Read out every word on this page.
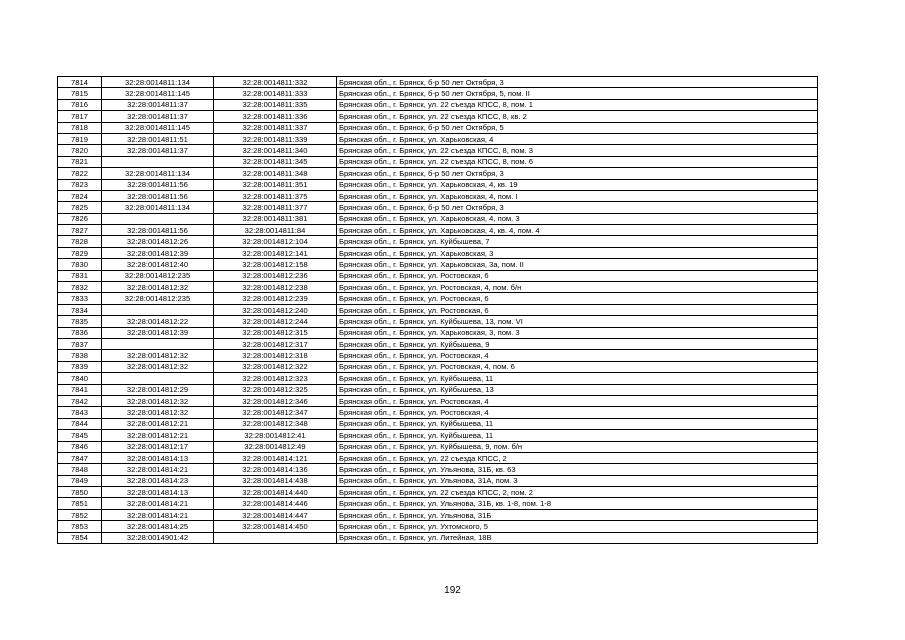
7814	32:28:0014811:134	32:28:0014811:332	Брянская обл., г. Брянск, б-р 50 лет Октября, 3
7815	32:28:0014811:145	32:28:0014811:333	Брянская обл., г. Брянск, б-р 50 лет Октября, 5, пом. II
7816	32:28:0014811:37	32:28:0014811:335	Брянская обл., г. Брянск, ул. 22 съезда КПСС, 8, пом. 1
7817	32:28:0014811:37	32:28:0014811:336	Брянская обл., г. Брянск, ул. 22 съезда КПСС, 8, кв. 2
7818	32:28:0014811:145	32:28:0014811:337	Брянская обл., г. Брянск, б-р 50 лет Октября, 5
7819	32:28:0014811:51	32:28:0014811:339	Брянская обл., г. Брянск, ул. Харьковская, 4
7820	32:28:0014811:37	32:28:0014811:340	Брянская обл., г. Брянск, ул. 22 съезда КПСС, 8, пом. 3
7821		32:28:0014811:345	Брянская обл., г. Брянск, ул. 22 съезда КПСС, 8, пом. 6
7822	32:28:0014811:134	32:28:0014811:348	Брянская обл., г. Брянск, б-р 50 лет Октября, 3
7823	32:28:0014811:56	32:28:0014811:351	Брянская обл., г. Брянск, ул. Харьковская, 4, кв. 19
7824	32:28:0014811:56	32:28:0014811:375	Брянская обл., г. Брянск, ул. Харьковская, 4, пом. I
7825	32:28:0014811:134	32:28:0014811:377	Брянская обл., г. Брянск, б-р 50 лет Октября, 3
7826		32:28:0014811:381	Брянская обл., г. Брянск, ул. Харьковская, 4, пом. 3
7827	32:28:0014811:56	32:28:0014811:84	Брянская обл., г. Брянск, ул. Харьковская, 4, кв. 4, пом. 4
7828	32:28:0014812:26	32:28:0014812:104	Брянская обл., г. Брянск, ул. Куйбышева, 7
7829	32:28:0014812:39	32:28:0014812:141	Брянская обл., г. Брянск, ул. Харьковская, 3
7830	32:28:0014812:40	32:28:0014812:158	Брянская обл., г. Брянск, ул. Харьковская, 3а, пом. II
7831	32:28:0014812:235	32:28:0014812:236	Брянская обл., г. Брянск, ул. Ростовская, 6
7832	32:28:0014812:32	32:28:0014812:238	Брянская обл., г. Брянск, ул. Ростовская, 4, пом. б/н
7833	32:28:0014812:235	32:28:0014812:239	Брянская обл., г. Брянск, ул. Ростовская, 6
7834		32:28:0014812:240	Брянская обл., г. Брянск, ул. Ростовская, 6
7835	32:28:0014812:22	32:28:0014812:244	Брянская обл., г. Брянск, ул. Куйбышева, 13, пом. VI
7836	32:28:0014812:39	32:28:0014812:315	Брянская обл., г. Брянск, ул. Харьковская, 3, пом. 3
7837		32:28:0014812:317	Брянская обл., г. Брянск, ул. Куйбышева, 9
7838	32:28:0014812:32	32:28:0014812:318	Брянская обл., г. Брянск, ул. Ростовская, 4
7839	32:28:0014812:32	32:28:0014812:322	Брянская обл., г. Брянск, ул. Ростовская, 4, пом. 6
7840		32:28:0014812:323	Брянская обл., г. Брянск, ул. Куйбышева, 11
7841	32:28:0014812:29	32:28:0014812:325	Брянская обл., г. Брянск, ул. Куйбышева, 13
7842	32:28:0014812:32	32:28:0014812:346	Брянская обл., г. Брянск, ул. Ростовская, 4
7843	32:28:0014812:32	32:28:0014812:347	Брянская обл., г. Брянск, ул. Ростовская, 4
7844	32:28:0014812:21	32:28:0014812:348	Брянская обл., г. Брянск, ул. Куйбышева, 11
7845	32:28:0014812:21	32:28:0014812:41	Брянская обл., г. Брянск, ул. Куйбышева, 11
7846	32:28:0014812:17	32:28:0014812:49	Брянская обл., г. Брянск, ул. Куйбышева, 9, пом. б/н
7847	32:28:0014814:13	32:28:0014814:121	Брянская обл., г. Брянск, ул. 22 съезда КПСС, 2
7848	32:28:0014814:21	32:28:0014814:136	Брянская обл., г. Брянск, ул. Ульянова, 31Б, кв. 63
7849	32:28:0014814:23	32:28:0014814:438	Брянская обл., г. Брянск, ул. Ульянова, 31А, пом. 3
7850	32:28:0014814:13	32:28:0014814:440	Брянская обл., г. Брянск, ул. 22 съезда КПСС, 2, пом. 2
7851	32:28:0014814:21	32:28:0014814:446	Брянская обл., г. Брянск, ул. Ульянова, 31Б, кв. 1-8, пом. 1-8
7852	32:28:0014814:21	32:28:0014814:447	Брянская обл., г. Брянск, ул. Ульянова, 31Б
7853	32:28:0014814:25	32:28:0014814:450	Брянская обл., г. Брянск, ул. Ухтомского, 5
7854	32:28:0014901:42		Брянская обл., г. Брянск, ул. Литейная, 18В
192
